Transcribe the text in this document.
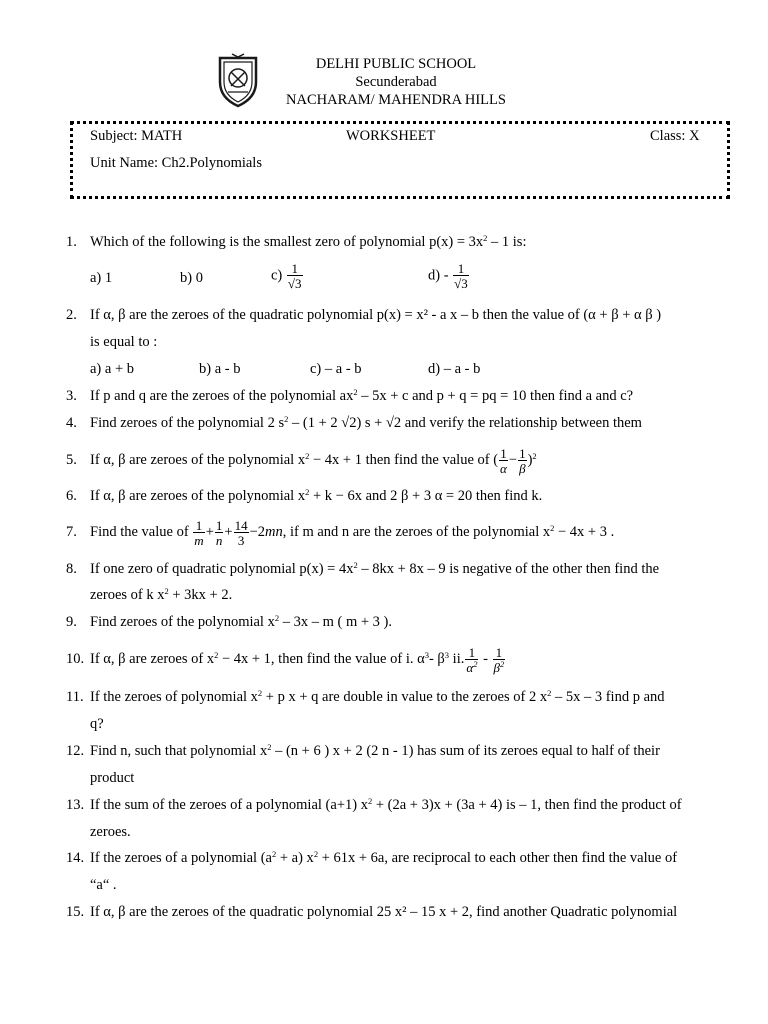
DELHI PUBLIC SCHOOL
Secunderabad
NACHARAM/ MAHENDRA HILLS
Subject: MATH	WORKSHEET	Class: X
Unit Name: Ch2.Polynomials
1. Which of the following is the smallest zero of polynomial $p(x) = 3x^2 - 1$ is:
a) 1	b) 0	$c) \frac{1}{√3}$	$d) - \frac{1}{√3}$
2. If α, β are the zeroes of the quadratic polynomial p(x) = x² - a x – b then the value of (α + β + α β )
is equal to :
a) a + b	b) a - b	c) – a - b	d) – a - b
3. If p and q are the zeroes of the polynomial $ax^2 - 5x + c$ and p + q = pq = 10 then find a and c?
4. Find zeroes of the polynomial 2 $s^2 - (1 + 2$ √2) s + √2 and verify the relationship between them
5. If α, β are zeroes of the polynomial $x^2 - 4x + 1$ then find the value of ( $\frac{1}{\alpha} - \frac{1}{\beta} )^2$
6. If α, β are zeroes of the polynomial $x^2 + k - 6x$ and 2 β + 3 α = 20 then find k.
7. Find the value of $\frac{1}{m} + \frac{1}{n} + \frac{14}{3} -2mn$, if m and n are the zeroes of the polynomial $x^2 - 4x + 3$ .
8. If one zero of quadratic polynomial $p(x) = 4x^2 - 8kx + 8x - 9$ is negative of the other then find the
zeroes of k $x^2 + 3kx + 2$.
9. Find zeroes of the polynomial $x^2 - 3x$ – m ( m + 3 ).
10. If α, β are zeroes of $x^2 - 4x + 1$, then find the value of i. $\alpha^3-$ $\beta^3$ ii. $\frac{1}{\alpha^2} - \frac{1}{\beta^2}$
11. If the zeroes of polynomial $x^2 + p$ x + q are double in value to the zeroes of 2 $x^2 - 5x - 3$ find p and
q?
12. Find n, such that polynomial $x^2 - (n + 6$ ) x + 2 (2 n - 1) has sum of its zeroes equal to half of their
product
13. If the sum of the zeroes of a polynomial (a+1) $x^2 + (2a + 3)x + (3a + 4)$ is – 1, then find the product of
zeroes.
14. If the zeroes of a polynomial $(a^2 + a) x^2 + 61x + 6a$, are reciprocal to each other then find the value of
“a“ .
15. If α, β are the zeroes of the quadratic polynomial 25 x² – 15 x + 2, find another Quadratic polynomial
